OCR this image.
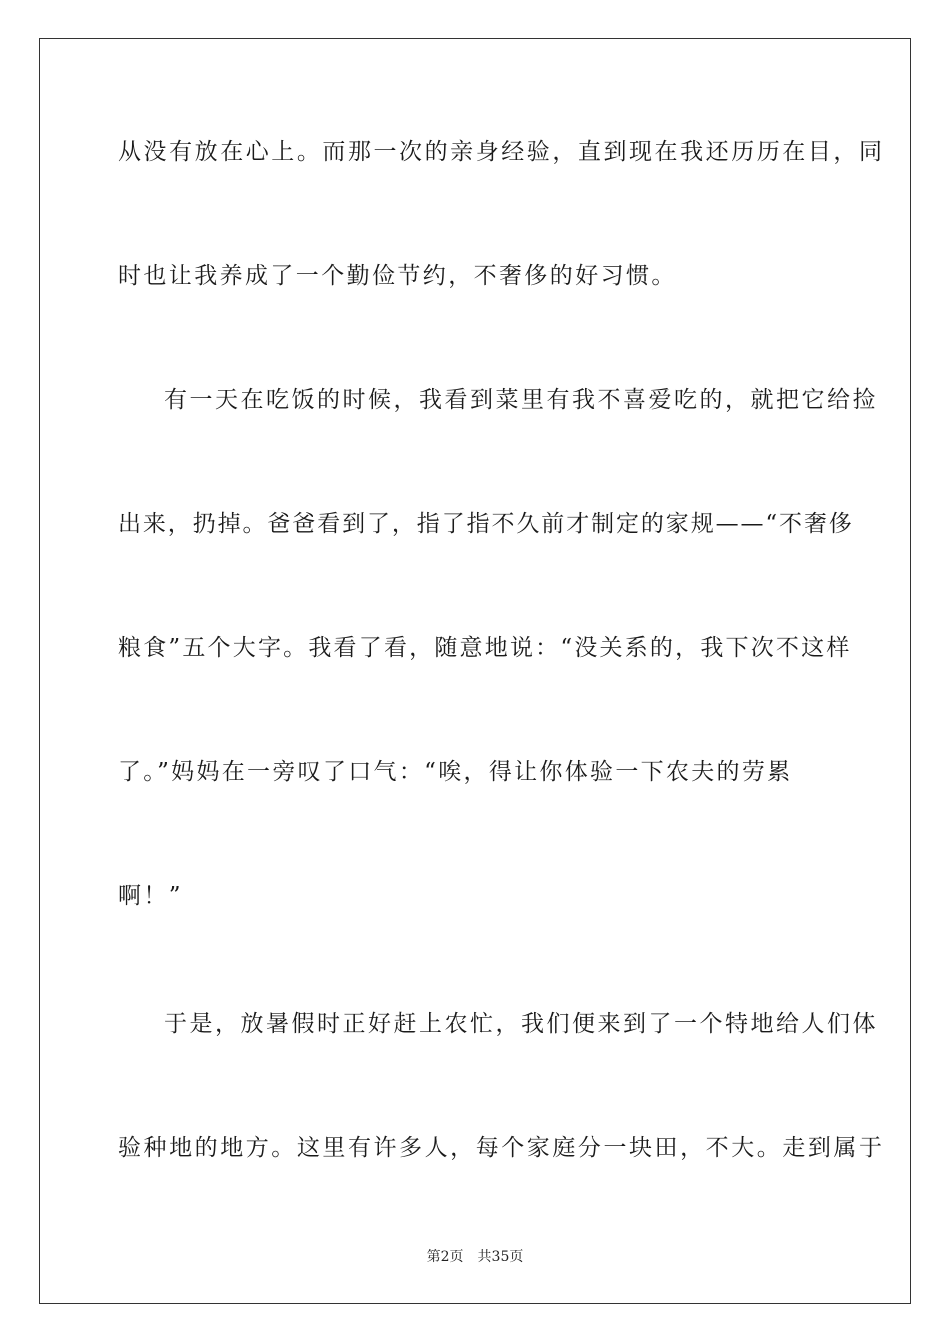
从没有放在心上。而那一次的亲身经验，直到现在我还历历在目，同
时也让我养成了一个勤俭节约，不奢侈的好习惯。
有一天在吃饭的时候，我看到菜里有我不喜爱吃的，就把它给捡
出来，扔掉。爸爸看到了，指了指不久前才制定的家规——“不奢侈
粮食”五个大字。我看了看，随意地说：“没关系的，我下次不这样
了。”妈妈在一旁叹了口气：“唉，得让你体验一下农夫的劳累
啊！”
于是，放暑假时正好赶上农忙，我们便来到了一个特地给人们体
验种地的地方。这里有许多人，每个家庭分一块田，不大。走到属于
第2页 共35页
